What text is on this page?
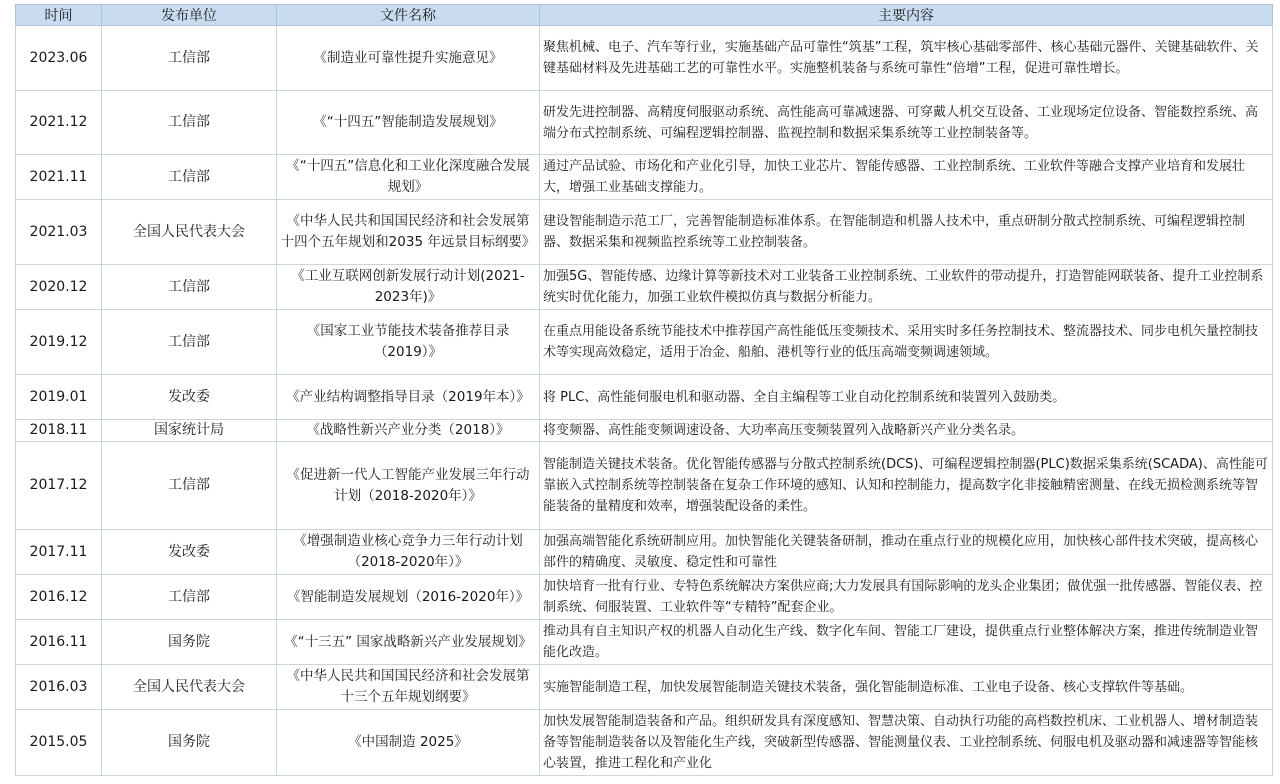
时间	发布单位	文件名称	主要内容
2023.06	工信部	《制造业可靠性提升实施意见》	聚焦机械、电子、汽车等行业，实施基础产品可靠性“筑基”工程，筑牢核心基础零部件、核心基础元器件、关键基础软件、关键基础材料及先进基础工艺的可靠性水平。实施整机装备与系统可靠性“倍增”工程，促进可靠性增长。
2021.12	工信部	《“十四五”智能制造发展规划》	研发先进控制器、高精度伺服驱动系统、高性能高可靠减速器、可穿戴人机交互设备、工业现场定位设备、智能数控系统、高端分布式控制系统、可编程逻辑控制器、监视控制和数据采集系统等工业控制装备等。
2021.11	工信部	《“十四五”信息化和工业化深度融合发展规划》	通过产品试验、市场化和产业化引导，加快工业芯片、智能传感器、工业控制系统、工业软件等融合支撑产业培育和发展壮大，增强工业基础支撑能力。
2021.03	全国人民代表大会	《中华人民共和国国民经济和社会发展第十四个五年规划和2035 年远景目标纲要》	建设智能制造示范工厂，完善智能制造标准体系。在智能制造和机器人技术中，重点研制分散式控制系统、可编程逻辑控制器、数据采集和视频监控系统等工业控制装备。
2020.12	工信部	《工业互联网创新发展行动计划(2021-2023年)》	加强5G、智能传感、边缘计算等新技术对工业装备工业控制系统、工业软件的带动提升，打造智能网联装备、提升工业控制系统实时优化能力，加强工业软件模拟仿真与数据分析能力。
2019.12	工信部	《国家工业节能技术装备推荐目录（2019）》	在重点用能设备系统节能技术中推荐国产高性能低压变频技术、采用实时多任务控制技术、整流器技术、同步电机矢量控制技术等实现高效稳定，适用于冶金、船舶、港机等行业的低压高端变频调速领域。
2019.01	发改委	《产业结构调整指导目录（2019年本）》	将 PLC、高性能伺服电机和驱动器、全自主编程等工业自动化控制系统和装置列入鼓励类。
2018.11	国家统计局	《战略性新兴产业分类（2018）》	将变频器、高性能变频调速设备、大功率高压变频装置列入战略新兴产业分类名录。
2017.12	工信部	《促进新一代人工智能产业发展三年行动计划（2018-2020年）》	智能制造关键技术装备。优化智能传感器与分散式控制系统(DCS)、可编程逻辑控制器(PLC)数据采集系统(SCADA)、高性能可靠嵌入式控制系统等控制装备在复杂工作环境的感知、认知和控制能力，提高数字化非接触精密测量、在线无损检测系统等智能装备的量精度和效率，增强装配设备的柔性。
2017.11	发改委	《增强制造业核心竞争力三年行动计划（2018-2020年）》	加强高端智能化系统研制应用。加快智能化关键装备研制，推动在重点行业的规模化应用，加快核心部件技术突破，提高核心部件的精确度、灵敏度、稳定性和可靠性
2016.12	工信部	《智能制造发展规划（2016-2020年）》	加快培育一批有行业、专特色系统解决方案供应商;大力发展具有国际影响的龙头企业集团；做优强一批传感器、智能仪表、控制系统、伺服装置、工业软件等“专精特”配套企业。
2016.11	国务院	《“十三五” 国家战略新兴产业发展规划》	推动具有自主知识产权的机器人自动化生产线、数字化车间、智能工厂建设，提供重点行业整体解决方案，推进传统制造业智能化改造。
2016.03	全国人民代表大会	《中华人民共和国国民经济和社会发展第十三个五年规划纲要》	实施智能制造工程，加快发展智能制造关键技术装备，强化智能制造标准、工业电子设备、核心支撑软件等基础。
2015.05	国务院	《中国制造 2025》	加快发展智能制造装备和产品。组织研发具有深度感知、智慧决策、自动执行功能的高档数控机床、工业机器人、增材制造装备等智能制造装备以及智能化生产线，突破新型传感器、智能测量仪表、工业控制系统、伺服电机及驱动器和减速器等智能核心装置，推进工程化和产业化
